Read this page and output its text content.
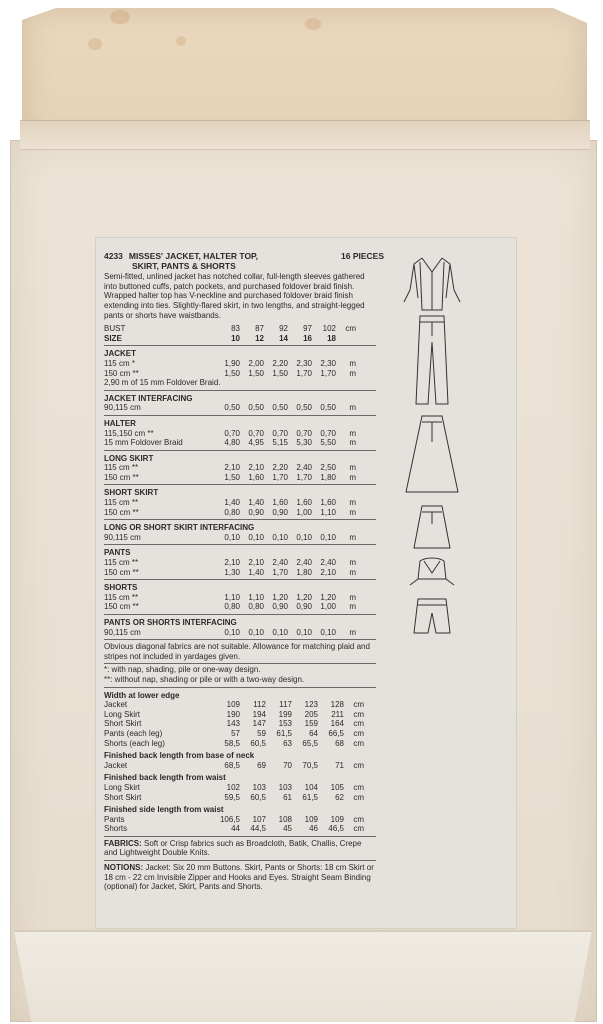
4233 MISSES' JACKET, HALTER TOP,	16 PIECES
SKIRT, PANTS & SHORTS
Semi-fitted, unlined jacket has notched collar, full-length sleeves gathered into buttoned cuffs, patch pockets, and purchased foldover braid finish. Wrapped halter top has V-neckline and purchased foldover braid finish extending into ties. Slightly-flared skirt, in two lengths, and straight-legged pants or shorts have waistbands.
BUST	83	87	92	97	102	cm
SIZE	10	12	14	16	18
JACKET
115 cm *	1,90	2,00	2,20	2,30	2,30	m
150 cm **	1,50	1,50	1,50	1,70	1,70	m
2,90 m of 15 mm Foldover Braid.
JACKET INTERFACING
90,115 cm	0,50	0,50	0,50	0,50	0,50	m
HALTER
115,150 cm **	0,70	0,70	0,70	0,70	0,70	m
15 mm Foldover Braid	4,80	4,95	5,15	5,30	5,50	m
LONG SKIRT
115 cm **	2,10	2,10	2,20	2,40	2,50	m
150 cm **	1,50	1,60	1,70	1,70	1,80	m
SHORT SKIRT
115 cm **	1,40	1,40	1,60	1,60	1,60	m
150 cm **	0,80	0,90	0,90	1,00	1,10	m
LONG OR SHORT SKIRT INTERFACING
90,115 cm	0,10	0,10	0,10	0,10	0,10	m
PANTS
115 cm **	2,10	2,10	2,40	2,40	2,40	m
150 cm **	1,30	1,40	1,70	1,80	2,10	m
SHORTS
115 cm **	1,10	1,10	1,20	1,20	1,20	m
150 cm **	0,80	0,80	0,90	0,90	1,00	m
PANTS OR SHORTS INTERFACING
90,115 cm	0,10	0,10	0,10	0,10	0,10	m
Obvious diagonal fabrics are not suitable. Allowance for matching plaid and stripes not included in yardages given.
*: with nap, shading, pile or one-way design.
**: without nap, shading or pile or with a two-way design.
Width at lower edge
Jacket	109	112	117	123	128	cm
Long Skirt	190	194	199	205	211	cm
Short Skirt	143	147	153	159	164	cm
Pants (each leg)	57	59	61,5	64	66,5	cm
Shorts (each leg)	58,5	60,5	63	65,5	68	cm
Finished back length from base of neck
Jacket	68,5	69	70	70,5	71	cm
Finished back length from waist
Long Skirt	102	103	103	104	105	cm
Short Skirt	59,5	60,5	61	61,5	62	cm
Finished side length from waist
Pants	106,5	107	108	109	109	cm
Shorts	44	44,5	45	46	46,5	cm
FABRICS: Soft or Crisp fabrics such as Broadcloth, Batik, Challis, Crepe and Lightweight Double Knits.
NOTIONS: Jacket: Six 20 mm Buttons. Skirt, Pants or Shorts: 18 cm Skirt or 18 cm - 22 cm Invisible Zipper and Hooks and Eyes. Straight Seam Binding (optional) for Jacket, Skirt, Pants and Shorts.
